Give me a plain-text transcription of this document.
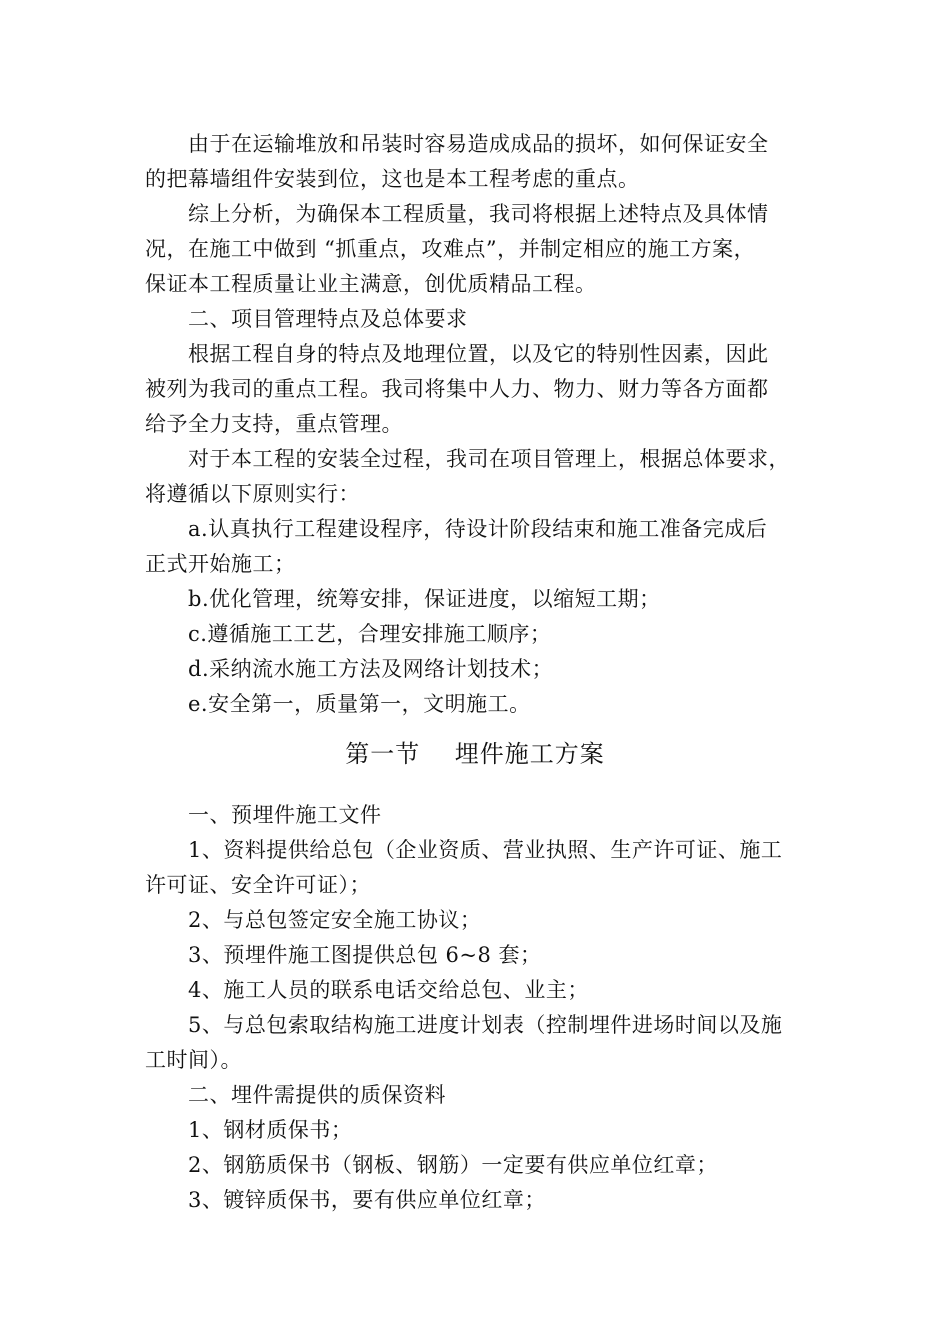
由于在运输堆放和吊装时容易造成成品的损坏，如何保证安全
的把幕墙组件安装到位，这也是本工程考虑的重点。
综上分析，为确保本工程质量，我司将根据上述特点及具体情
况，在施工中做到 “抓重点，攻难点”，并制定相应的施工方案，
保证本工程质量让业主满意，创优质精品工程。
二、项目管理特点及总体要求
根据工程自身的特点及地理位置，以及它的特别性因素，因此
被列为我司的重点工程。我司将集中人力、物力、财力等各方面都
给予全力支持，重点管理。
对于本工程的安装全过程，我司在项目管理上，根据总体要求，
将遵循以下原则实行：
a.认真执行工程建设程序，待设计阶段结束和施工准备完成后
正式开始施工；
b.优化管理，统筹安排，保证进度，以缩短工期；
c.遵循施工工艺，合理安排施工顺序；
d.采纳流水施工方法及网络计划技术；
e.安全第一，质量第一，文明施工。
第一节    埋件施工方案
一、预埋件施工文件
1、资料提供给总包（企业资质、营业执照、生产许可证、施工
许可证、安全许可证）；
2、与总包签定安全施工协议；
3、预埋件施工图提供总包 6~8 套；
4、施工人员的联系电话交给总包、业主；
5、与总包索取结构施工进度计划表（控制埋件进场时间以及施
工时间）。
二、埋件需提供的质保资料
1、钢材质保书；
2、钢筋质保书（钢板、钢筋）一定要有供应单位红章；
3、镀锌质保书，要有供应单位红章；
